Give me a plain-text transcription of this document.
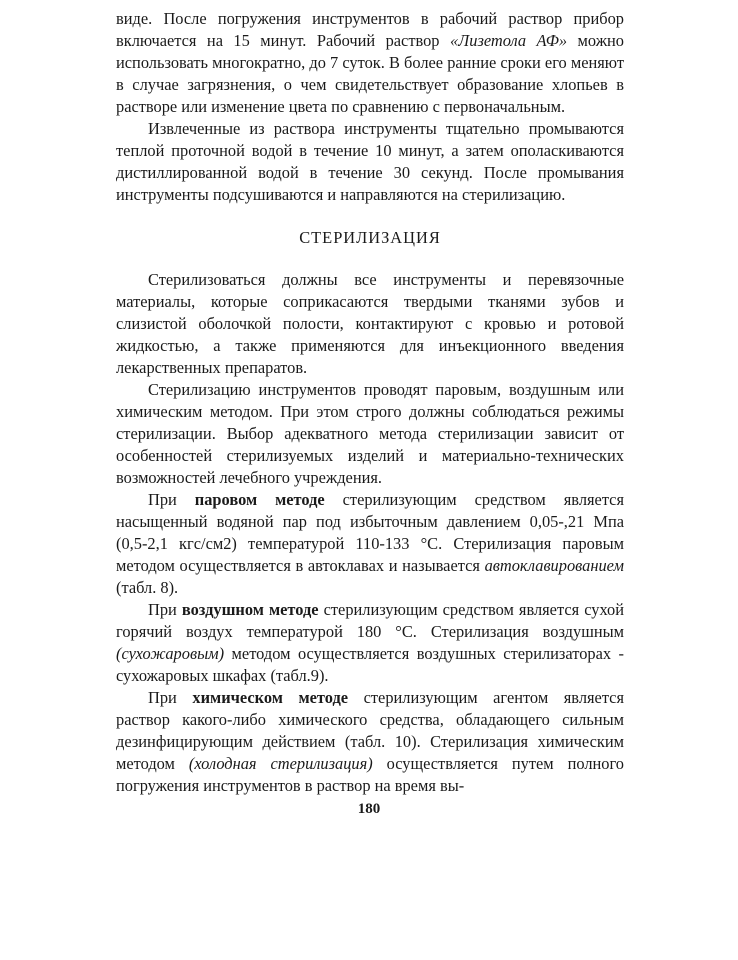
виде. После погружения инструментов в рабочий раствор прибор включается на 15 минут. Рабочий раствор «Лизетола АФ» можно использовать многократно, до 7 суток. В более ранние сроки его меняют в случае загрязнения, о чем свидетельствует образование хлопьев в растворе или изменение цвета по сравнению с первоначальным.

Извлеченные из раствора инструменты тщательно промываются теплой проточной водой в течение 10 минут, а затем ополаскиваются дистиллированной водой в течение 30 секунд. После промывания инструменты подсушиваются и направляются на стерилизацию.

СТЕРИЛИЗАЦИЯ

Стерилизоваться должны все инструменты и перевязочные материалы, которые соприкасаются твердыми тканями зубов и слизистой оболочкой полости, контактируют с кровью и ротовой жидкостью, а также применяются для инъекционного введения лекарственных препаратов.

Стерилизацию инструментов проводят паровым, воздушным или химическим методом. При этом строго должны соблюдаться режимы стерилизации. Выбор адекватного метода стерилизации зависит от особенностей стерилизуемых изделий и материально-технических возможностей лечебного учреждения.

При паровом методе стерилизующим средством является насыщенный водяной пар под избыточным давлением 0,05-,21 Мпа (0,5-2,1 кгс/см2) температурой 110-133 °С. Стерилизация паровым методом осуществляется в автоклавах и называется автоклавированием (табл. 8).

При воздушном методе стерилизующим средством является сухой горячий воздух температурой 180 °С. Стерилизация воздушным (сухожаровым) методом осуществляется воздушных стерилизаторах - сухожаровых шкафах (табл.9).

При химическом методе стерилизующим агентом является раствор какого-либо химического средства, обладающего сильным дезинфицирующим действием (табл. 10). Стерилизация химическим методом (холодная стерилизация) осуществляется путем полного погружения инструментов в раствор на время вы-

180
